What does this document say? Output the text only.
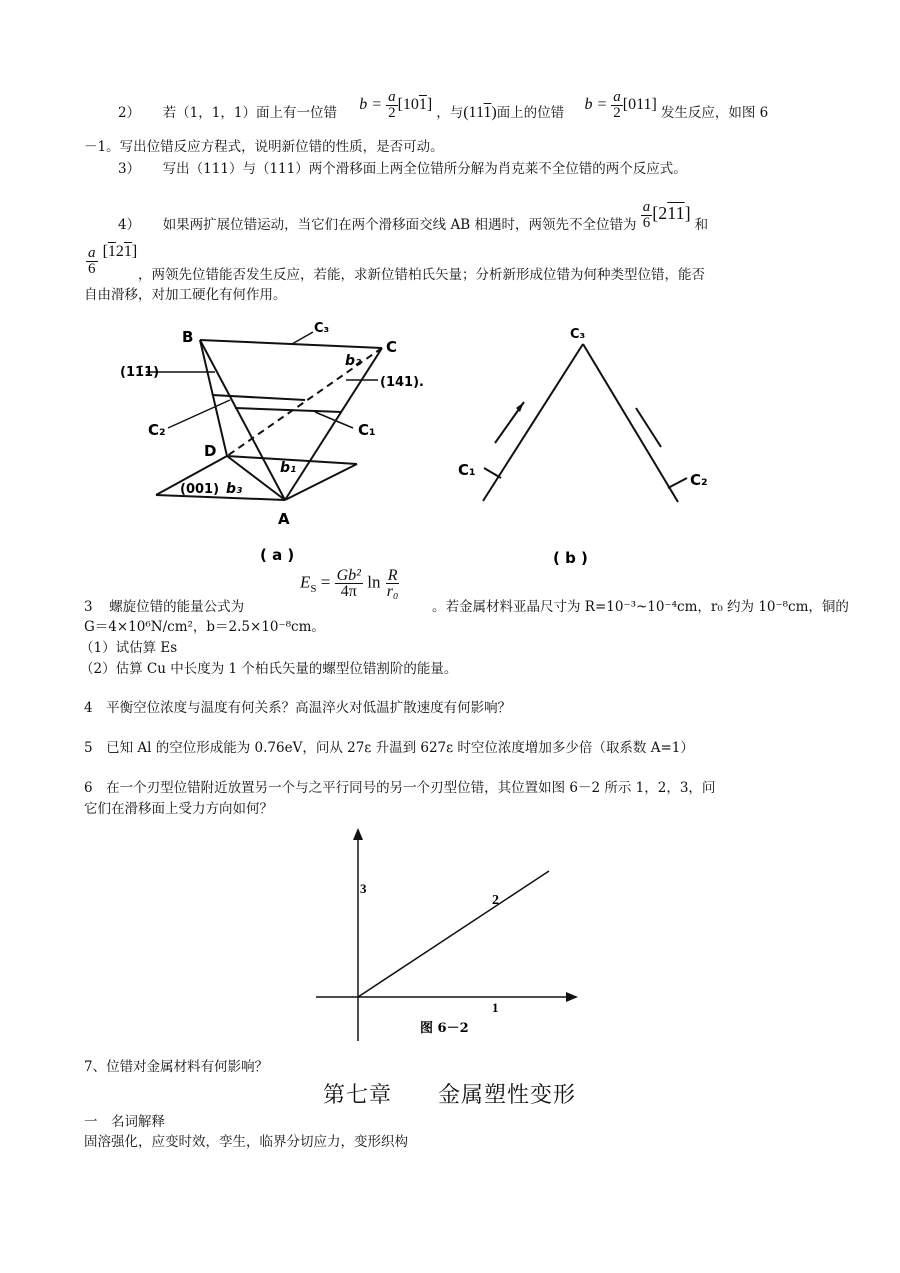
2） 若（1，1，1）面上有一位错 $b = \frac{a}{2} [101]$ ，与(111)面上的位错 $b = \frac{a}{2} [011]$ 发生反应，如图 6
－1。写出位错反应方程式，说明新位错的性质，是否可动。
3） 写出（111）与（111）两个滑移面上两全位错所分解为肖克莱不全位错的两个反应式。
4） 如果两扩展位错运动，当它们在两个滑移面交线 AB 相遇时，两领先不全位错为 $\frac{a}{6} [211]$ 和
$\frac{a}{6} [121]$
，两领先位错能否发生反应，若能，求新位错柏氏矢量；分析新形成位错为何种类型位错，能否
自由滑移，对加工硬化有何作用。
B	C₃
C
(11̄1)
b₂
(141).
C₂	C₁
D
b₁
(001) b₃
A
( a )
C₃
C₁
C₂
( b )
$E_S = \frac{\text{Gb²}}{4\pi}$ $\ln \frac{R}{\text{r₀}}$
3 螺旋位错的能量公式为	。若金属材料亚晶尺寸为 R=10⁻³~10⁻⁴cm，r₀ 约为 10⁻⁸cm，铜的
G＝4×10⁶N/cm²，b＝2.5×10⁻⁸cm。
（1）试估算 Es
（2）估算 Cu 中长度为 1 个柏氏矢量的螺型位错割阶的能量。
4　平衡空位浓度与温度有何关系？高温淬火对低温扩散速度有何影响？
5　已知 Al 的空位形成能为 0.76eV，问从 27ε 升温到 627ε 时空位浓度增加多少倍（取系数 A=1）
6　在一个刃型位错附近放置另一个与之平行同号的另一个刃型位错，其位置如图 6－2 所示 1，2，3，问
它们在滑移面上受力方向如何？
3
2
1
图 6－2
7、位错对金属材料有何影响？
第七章　　金属塑性变形
一　名词解释
固溶强化，应变时效，孪生，临界分切应力，变形织构
